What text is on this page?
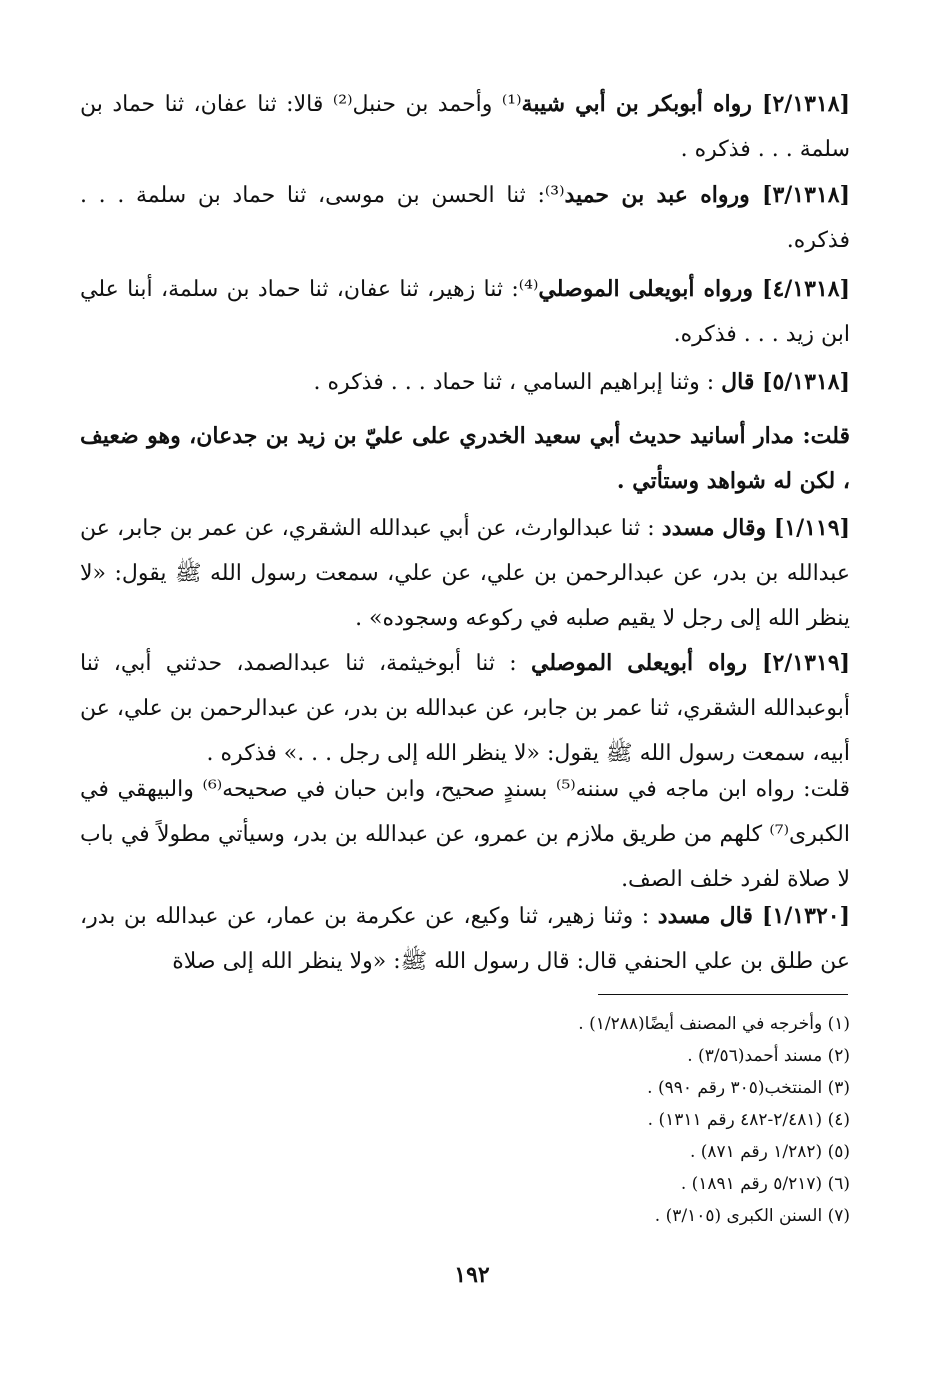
[٢/١٣١٨] رواه أبوبكر بن أبي شيبة⁽¹⁾ وأحمد بن حنبل⁽²⁾ قالا: ثنا عفان، ثنا حماد بن سلمة . . . فذكره .

[٣/١٣١٨] ورواه عبد بن حميد⁽³⁾: ثنا الحسن بن موسى، ثنا حماد بن سلمة . . . فذكره.

[٤/١٣١٨] ورواه أبويعلى الموصلي⁽⁴⁾: ثنا زهير، ثنا عفان، ثنا حماد بن سلمة، أبنا علي ابن زيد . . . فذكره.

[٥/١٣١٨] قال : وثنا إبراهيم السامي ، ثنا حماد . . . فذكره .

قلت: مدار أسانيد حديث أبي سعيد الخدري على عليّ بن زيد بن جدعان، وهو ضعيف ، لكن له شواهد وستأتي .

[١/١١٩] وقال مسدد : ثنا عبدالوارث، عن أبي عبدالله الشقري، عن عمر بن جابر، عن عبدالله بن بدر، عن عبدالرحمن بن علي، عن علي، سمعت رسول الله ﷺ يقول: «لا ينظر الله إلى رجل لا يقيم صلبه في ركوعه وسجوده» .

[٢/١٣١٩] رواه أبويعلى الموصلي : ثنا أبوخيثمة، ثنا عبدالصمد، حدثني أبي، ثنا أبوعبدالله الشقري، ثنا عمر بن جابر، عن عبدالله بن بدر، عن عبدالرحمن بن علي، عن أبيه، سمعت رسول الله ﷺ يقول: «لا ينظر الله إلى رجل . . .» فذكره .

قلت: رواه ابن ماجه في سننه⁽⁵⁾ بسندٍ صحيح، وابن حبان في صحيحه⁽⁶⁾ والبيهقي في الكبرى⁽⁷⁾ كلهم من طريق ملازم بن عمرو، عن عبدالله بن بدر، وسيأتي مطولاً في باب لا صلاة لفرد خلف الصف.

[١/١٣٢٠] قال مسدد : وثنا زهير، ثنا وكيع، عن عكرمة بن عمار، عن عبدالله بن بدر، عن طلق بن علي الحنفي قال: قال رسول الله ﷺ: «ولا ينظر الله إلى صلاة

(١) وأخرجه في المصنف أيضًا(١/٢٨٨) .

(٢) مسند أحمد(٣/٥٦) .

(٣) المنتخب(٣٠٥ رقم ٩٩٠) .

(٤) (٢/٤٨١-٤٨٢ رقم ١٣١١) .

(٥) (١/٢٨٢ رقم ٨٧١) .

(٦) (٥/٢١٧ رقم ١٨٩١) .

(٧) السنن الكبرى (٣/١٠٥) .

١٩٢
